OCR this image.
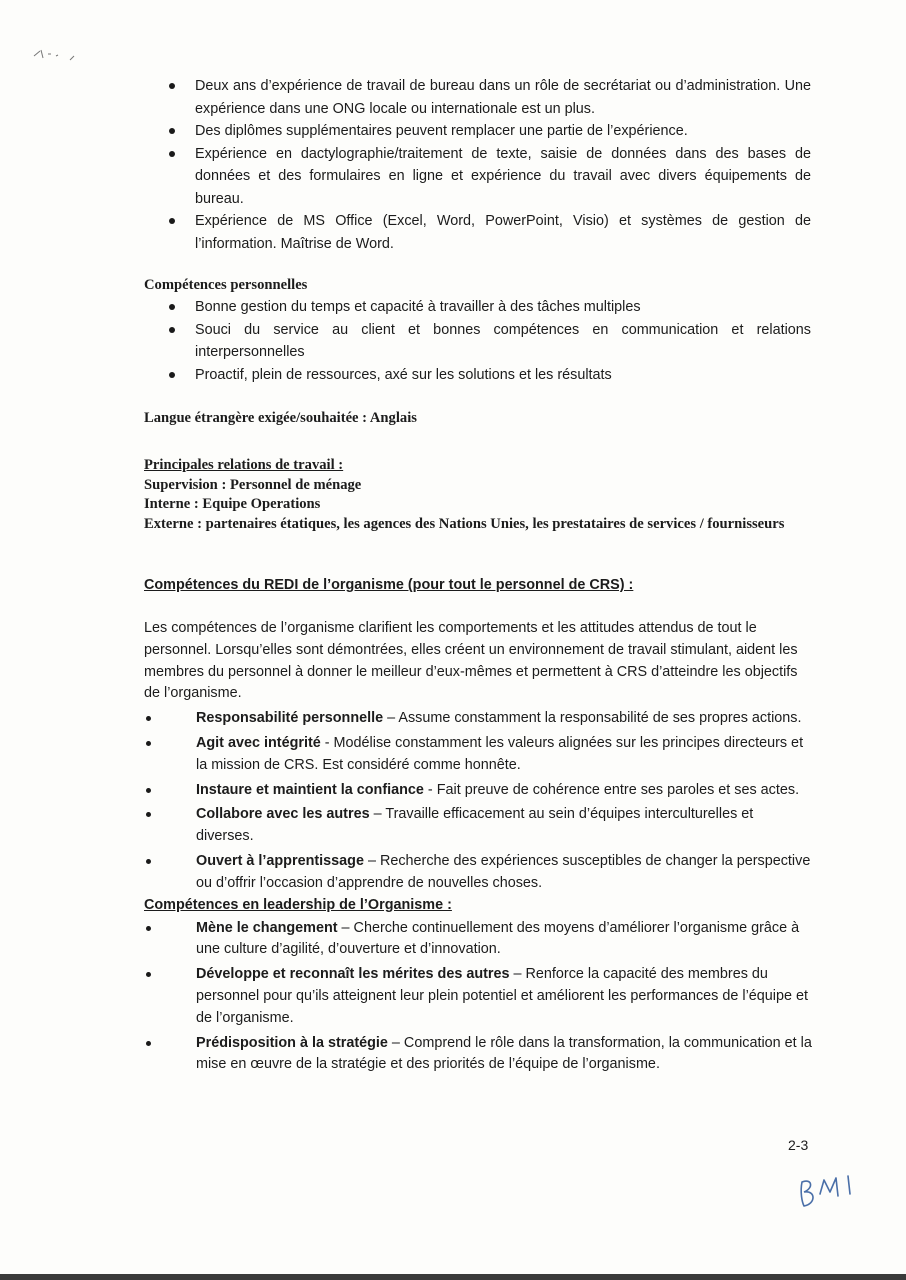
Deux ans d’expérience de travail de bureau dans un rôle de secrétariat ou d’administration. Une expérience dans une ONG locale ou internationale est un plus.
Des diplômes supplémentaires peuvent remplacer une partie de l’expérience.
Expérience en dactylographie/traitement de texte, saisie de données dans des bases de données et des formulaires en ligne et expérience du travail avec divers équipements de bureau.
Expérience de MS Office (Excel, Word, PowerPoint, Visio) et systèmes de gestion de l’information. Maîtrise de Word.
Compétences personnelles
Bonne gestion du temps et capacité à travailler à des tâches multiples
Souci du service au client et bonnes compétences en communication et relations interpersonnelles
Proactif, plein de ressources, axé sur les solutions et les résultats
Langue étrangère exigée/souhaitée : Anglais
Principales relations de travail :
Supervision : Personnel de ménage
Interne : Equipe Operations
Externe : partenaires étatiques, les agences des Nations Unies, les prestataires de services / fournisseurs
Compétences du REDI de l’organisme (pour tout le personnel de CRS) :
Les compétences de l’organisme clarifient les comportements et les attitudes attendus de tout le personnel. Lorsqu’elles sont démontrées, elles créent un environnement de travail stimulant, aident les membres du personnel à donner le meilleur d’eux-mêmes et permettent à CRS d’atteindre les objectifs de l’organisme.
Responsabilité personnelle – Assume constamment la responsabilité de ses propres actions.
Agit avec intégrité - Modélise constamment les valeurs alignées sur les principes directeurs et la mission de CRS. Est considéré comme honnête.
Instaure et maintient la confiance - Fait preuve de cohérence entre ses paroles et ses actes.
Collabore avec les autres – Travaille efficacement au sein d’équipes interculturelles et diverses.
Ouvert à l’apprentissage – Recherche des expériences susceptibles de changer la perspective ou d’offrir l’occasion d’apprendre de nouvelles choses.
Compétences en leadership de l’Organisme :
Mène le changement – Cherche continuellement des moyens d’améliorer l’organisme grâce à une culture d’agilité, d’ouverture et d’innovation.
Développe et reconnaît les mérites des autres – Renforce la capacité des membres du personnel pour qu’ils atteignent leur plein potentiel et améliorent les performances de l’équipe et de l’organisme.
Prédisposition à la stratégie – Comprend le rôle dans la transformation, la communication et la mise en œuvre de la stratégie et des priorités de l’équipe de l’organisme.
2-3
